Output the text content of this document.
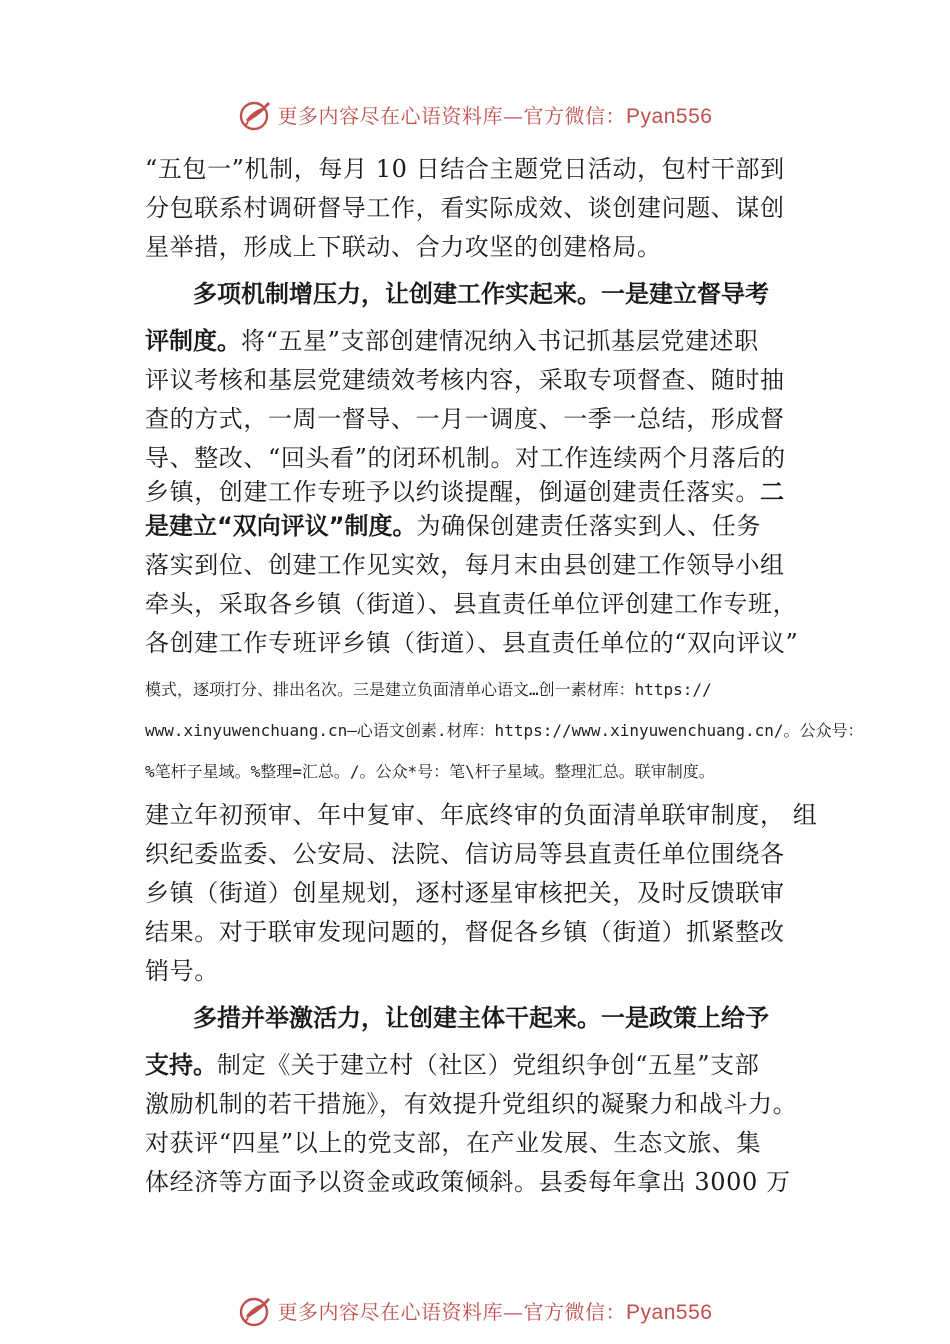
更多内容尽在心语资料库—官方微信：Pyan556
“五包一”机制，每月 10 日结合主题党日活动，包村干部到
分包联系村调研督导工作，看实际成效、谈创建问题、谋创
星举措，形成上下联动、合力攻坚的创建格局。
多项机制增压力，让创建工作实起来。一是建立督导考
评制度。将“五星”支部创建情况纳入书记抓基层党建述职
评议考核和基层党建绩效考核内容，采取专项督查、随时抽
查的方式，一周一督导、一月一调度、一季一总结，形成督
导、整改、“回头看”的闭环机制。对工作连续两个月落后的
乡镇，创建工作专班予以约谈提醒，倒逼创建责任落实。二
是建立“双向评议”制度。为确保创建责任落实到人、任务
落实到位、创建工作见实效，每月末由县创建工作领导小组
牵头，采取各乡镇（街道）、县直责任单位评创建工作专班，
各创建工作专班评乡镇（街道）、县直责任单位的“双向评议”
模式，逐项打分、排出名次。三是建立负面清单心语文…创一素材库：https://
www.xinyuwenchuang.cn—心语文创素.材库：https://www.xinyuwenchuang.cn/。公众号：
%笔杆子星域。%整理=汇总。/。公众*号：笔\杆子星域。整理汇总。联审制度。
建立年初预审、年中复审、年底终审的负面清单联审制度， 组
织纪委监委、公安局、法院、信访局等县直责任单位围绕各
乡镇（街道）创星规划，逐村逐星审核把关，及时反馈联审
结果。对于联审发现问题的，督促各乡镇（街道）抓紧整改
销号。
多措并举激活力，让创建主体干起来。一是政策上给予
支持。制定《关于建立村（社区）党组织争创“五星”支部
激励机制的若干措施》，有效提升党组织的凝聚力和战斗力。
对获评“四星”以上的党支部，在产业发展、生态文旅、集
体经济等方面予以资金或政策倾斜。县委每年拿出 3000 万
更多内容尽在心语资料库—官方微信：Pyan556
